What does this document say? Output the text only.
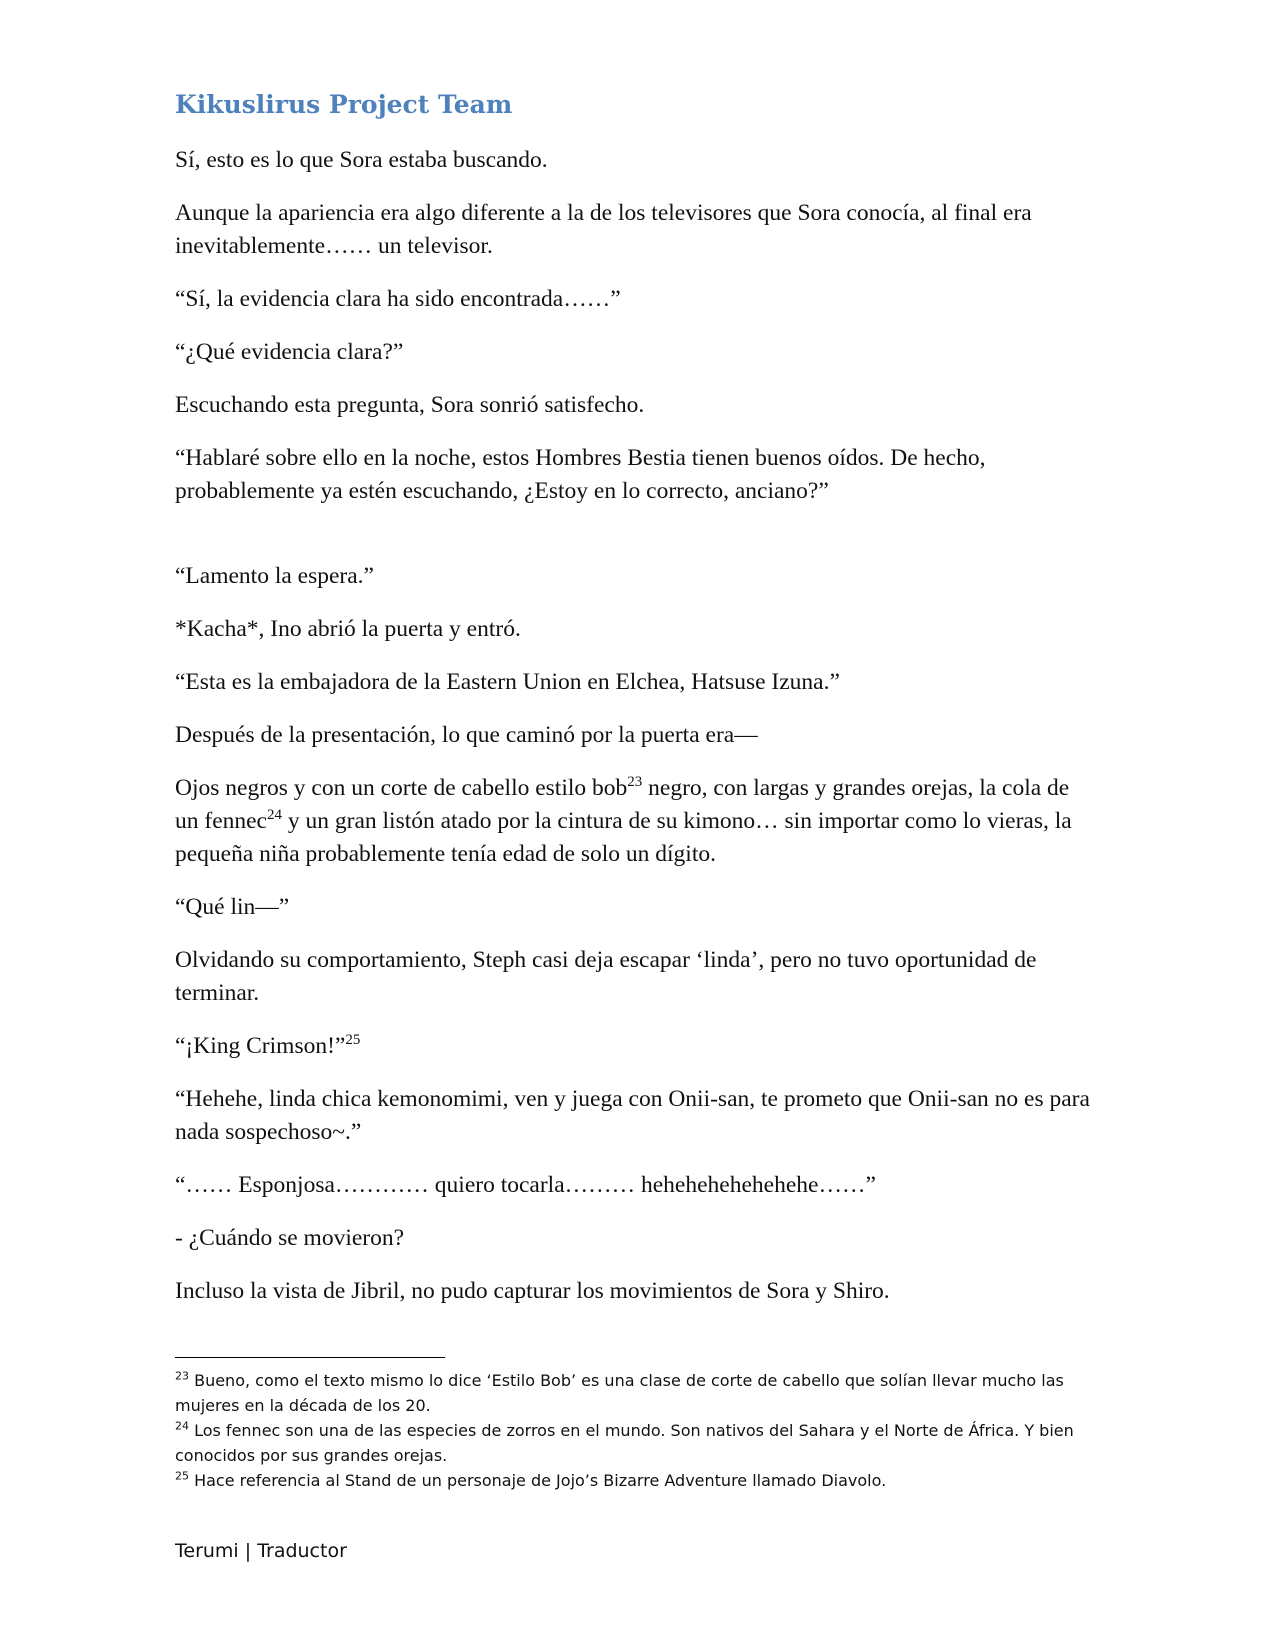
Kikuslirus Project Team

Sí, esto es lo que Sora estaba buscando.

Aunque la apariencia era algo diferente a la de los televisores que Sora conocía, al final era inevitablemente…… un televisor.

“Sí, la evidencia clara ha sido encontrada……”

“¿Qué evidencia clara?”

Escuchando esta pregunta, Sora sonrió satisfecho.

“Hablaré sobre ello en la noche, estos Hombres Bestia tienen buenos oídos. De hecho, probablemente ya estén escuchando, ¿Estoy en lo correcto, anciano?”

“Lamento la espera.”

*Kacha*, Ino abrió la puerta y entró.

“Esta es la embajadora de la Eastern Union en Elchea, Hatsuse Izuna.”

Después de la presentación, lo que caminó por la puerta era—

Ojos negros y con un corte de cabello estilo bob$^{23}$ negro, con largas y grandes orejas, la cola de un fennec$^{24}$ y un gran listón atado por la cintura de su kimono… sin importar como lo vieras, la pequeña niña probablemente tenía edad de solo un dígito.

“Qué lin—”

Olvidando su comportamiento, Steph casi deja escapar ‘linda’, pero no tuvo oportunidad de terminar.

“¡King Crimson!”$^{25}$

“Hehehe, linda chica kemonomimi, ven y juega con Onii-san, te prometo que Onii-san no es para nada sospechoso~.”

“…… Esponjosa………… quiero tocarla……… hehehehehehehehe……”

- ¿Cuándo se movieron?

Incluso la vista de Jibril, no pudo capturar los movimientos de Sora y Shiro.

$^{23}$ Bueno, como el texto mismo lo dice ‘Estilo Bob’ es una clase de corte de cabello que solían llevar mucho las mujeres en la década de los 20.

$^{24}$ Los fennec son una de las especies de zorros en el mundo. Son nativos del Sahara y el Norte de África. Y bien conocidos por sus grandes orejas.

$^{25}$ Hace referencia al Stand de un personaje de Jojo’s Bizarre Adventure llamado Diavolo.

Terumi | Traductor
